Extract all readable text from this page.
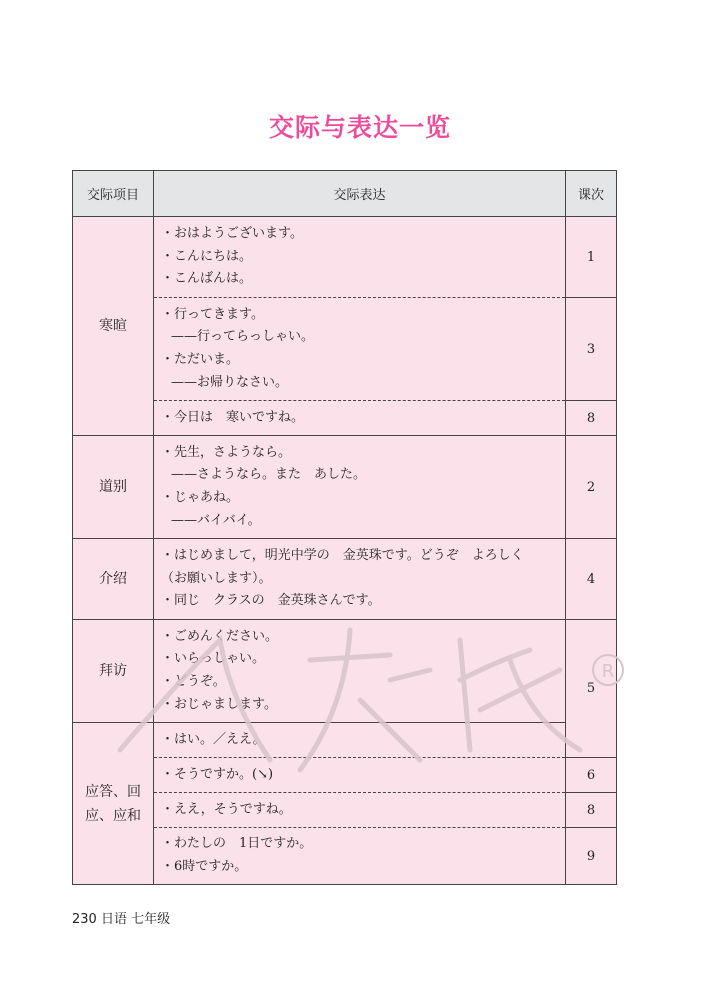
交际与表达一览
交际项目	交际表达	课次
寒暄	・おはようございます。
・こんにちは。
・こんばんは。	1

	・行ってきます。
——行ってらっしゃい。
・ただいま。
——お帰りなさい。	3

	・今日は　寒いですね。	8
道别	・先生，さようなら。
——さようなら。また　あした。
・じゃあね。
——バイバイ。	2
介绍	・はじめまして，明光中学の　金英珠です。どうぞ　よろしく
（お願いします）。
・同じ　クラスの　金英珠さんです。	4
拜访	・ごめんください。
・いらっしゃい。
・どうぞ。
・おじゃまします。	5
应答、回
应、应和	・はい。／ええ。	

	・そうですか。(↘)	6

	・ええ，そうですね。	8

	・わたしの　1日ですか。
・6時ですか。	9
R
230 日语 七年级
